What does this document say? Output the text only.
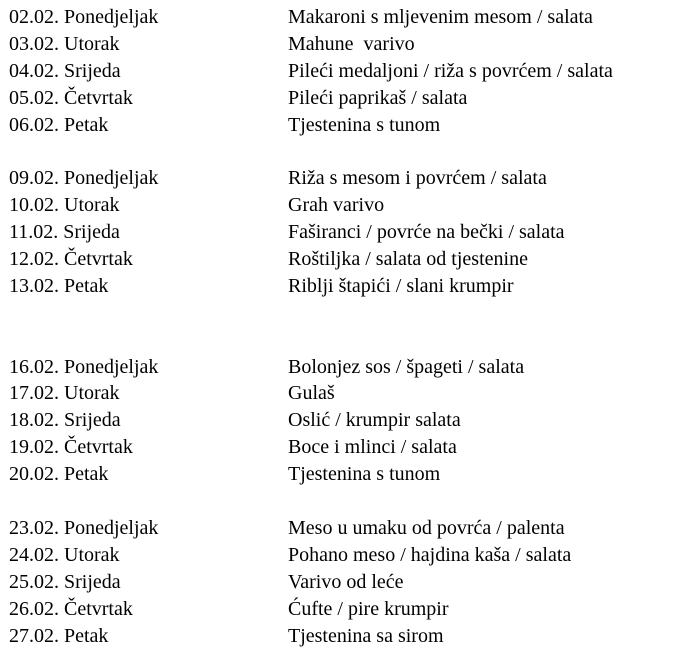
02.02. Ponedjeljak	Makaroni s mljevenim mesom / salata
03.02. Utorak	Mahune  varivo
04.02. Srijeda	Pileći medaljoni / riža s povrćem / salata
05.02. Četvrtak	Pileći paprikaš / salata
06.02. Petak	Tjestenina s tunom
09.02. Ponedjeljak	Riža s mesom i povrćem / salata
10.02. Utorak	Grah varivo
11.02. Srijeda	Faširanci / povrće na bečki / salata
12.02. Četvrtak	Roštiljka / salata od tjestenine
13.02. Petak	Riblji štapići / slani krumpir
16.02. Ponedjeljak	Bolonjez sos / špageti / salata
17.02. Utorak	Gulaš
18.02. Srijeda	Oslić / krumpir salata
19.02. Četvrtak	Boce i mlinci / salata
20.02. Petak	Tjestenina s tunom
23.02. Ponedjeljak	Meso u umaku od povrća / palenta
24.02. Utorak	Pohano meso / hajdina kaša / salata
25.02. Srijeda	Varivo od leće
26.02. Četvrtak	Ćufte / pire krumpir
27.02. Petak	Tjestenina sa sirom
